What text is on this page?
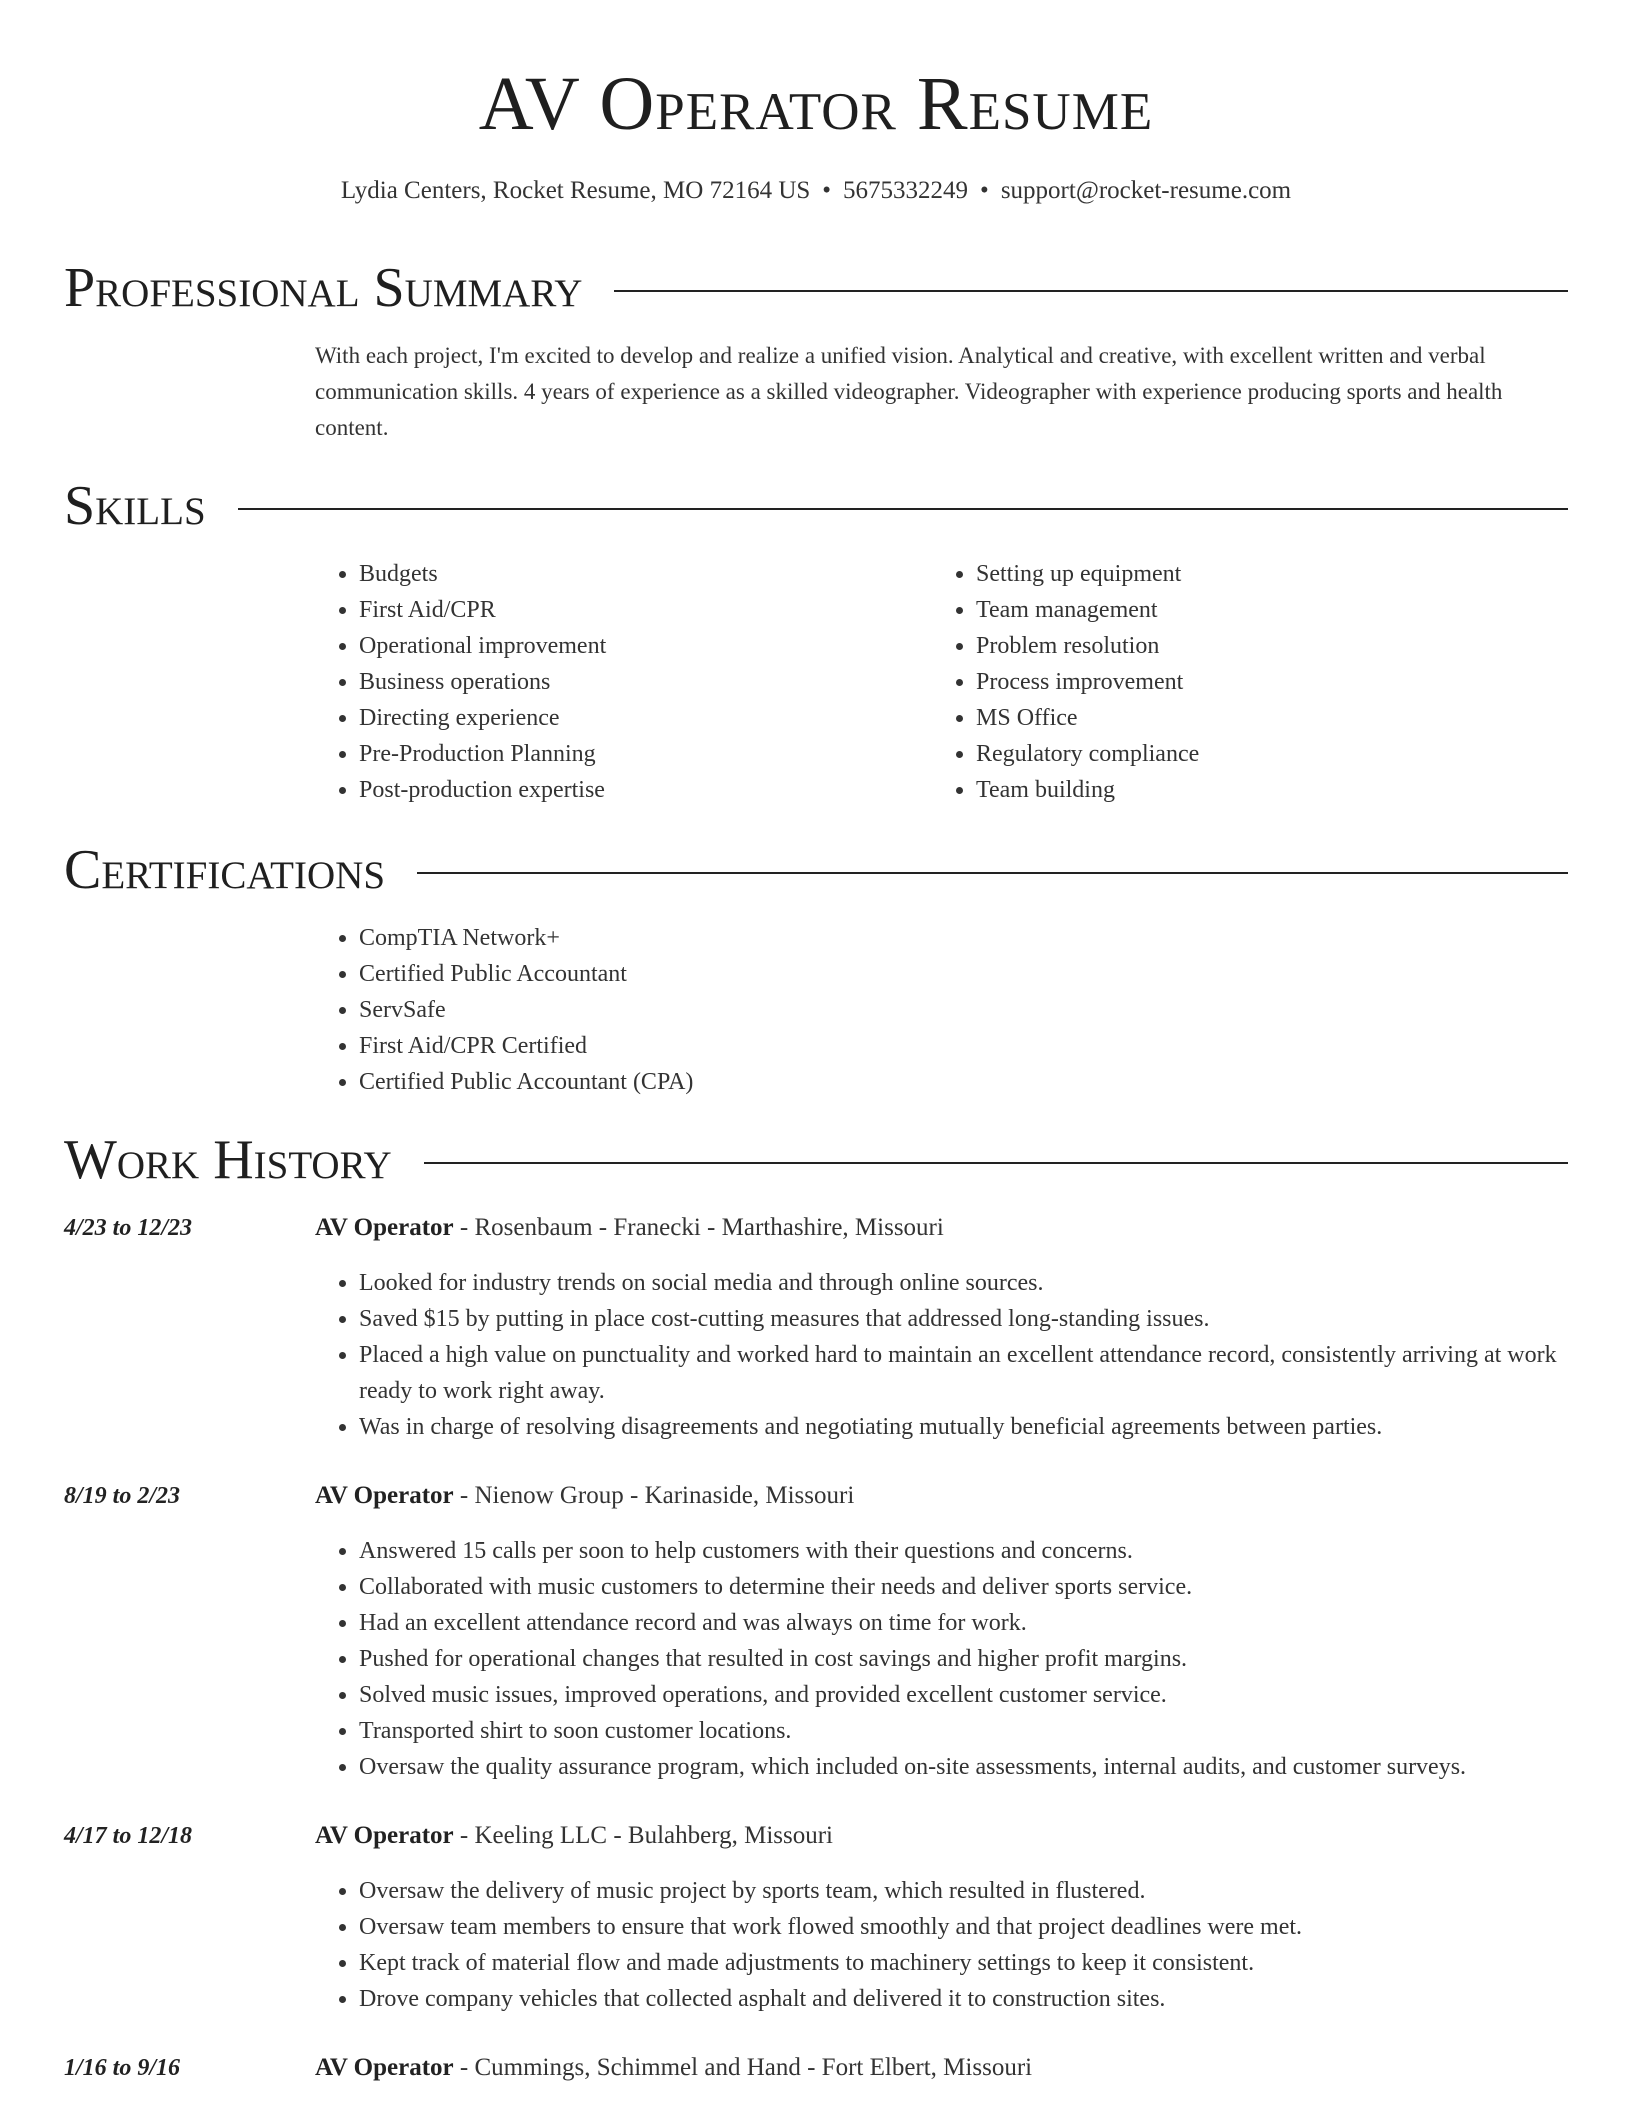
AV Operator Resume
Lydia Centers, Rocket Resume, MO 72164 US • 5675332249 • support@rocket-resume.com
Professional Summary

With each project, I'm excited to develop and realize a unified vision. Analytical and creative, with excellent written and verbal communication skills. 4 years of experience as a skilled videographer. Videographer with experience producing sports and health content.

Skills
• Budgets
• First Aid/CPR
• Operational improvement
• Business operations
• Directing experience
• Pre-Production Planning
• Post-production expertise
• Setting up equipment
• Team management
• Problem resolution
• Process improvement
• MS Office
• Regulatory compliance
• Team building
Certifications
• CompTIA Network+
• Certified Public Accountant
• ServSafe
• First Aid/CPR Certified
• Certified Public Accountant (CPA)
Work History
4/23 to 12/23	AV Operator - Rosenbaum - Franecki - Marthashire, Missouri
• Looked for industry trends on social media and through online sources.
• Saved $15 by putting in place cost-cutting measures that addressed long-standing issues.
• Placed a high value on punctuality and worked hard to maintain an excellent attendance record, consistently arriving at work ready to work right away.
• Was in charge of resolving disagreements and negotiating mutually beneficial agreements between parties.
8/19 to 2/23	AV Operator - Nienow Group - Karinaside, Missouri
• Answered 15 calls per soon to help customers with their questions and concerns.
• Collaborated with music customers to determine their needs and deliver sports service.
• Had an excellent attendance record and was always on time for work.
• Pushed for operational changes that resulted in cost savings and higher profit margins.
• Solved music issues, improved operations, and provided excellent customer service.
• Transported shirt to soon customer locations.
• Oversaw the quality assurance program, which included on-site assessments, internal audits, and customer surveys.
4/17 to 12/18	AV Operator - Keeling LLC - Bulahberg, Missouri
• Oversaw the delivery of music project by sports team, which resulted in flustered.
• Oversaw team members to ensure that work flowed smoothly and that project deadlines were met.
• Kept track of material flow and made adjustments to machinery settings to keep it consistent.
• Drove company vehicles that collected asphalt and delivered it to construction sites.
1/16 to 9/16	AV Operator - Cummings, Schimmel and Hand - Fort Elbert, Missouri
